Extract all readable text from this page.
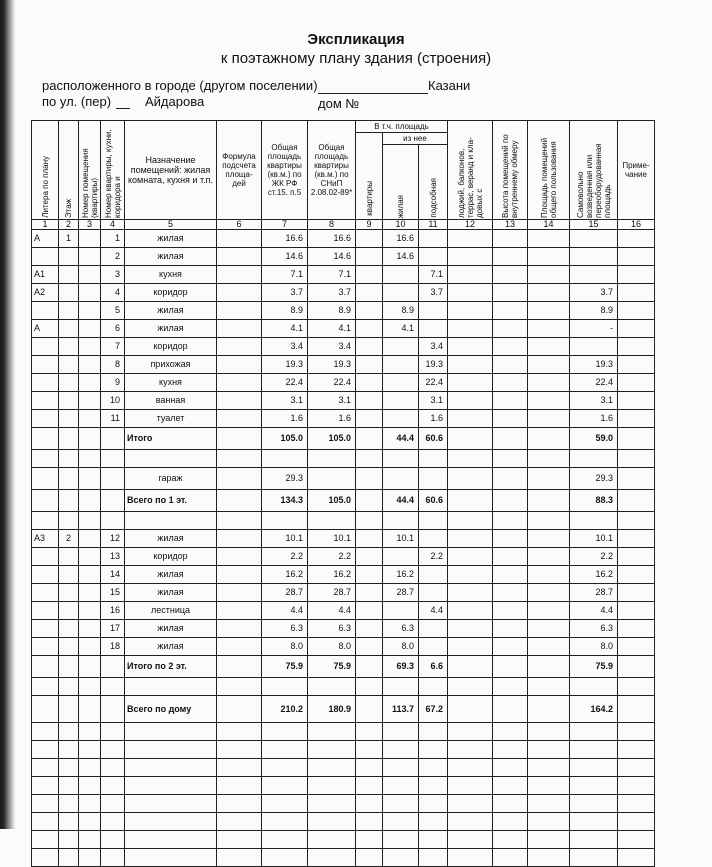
Экспликация
к поэтажному плану здания (строения)
расположенного в городе (другом поселении)	Казани
по ул. (пер)	Айдарова	дом №
Литера по плану	Этаж	Номер помещения (квартиры)	Номер квартиры, кухни, коридора и	Назначение помещений: жилая комната, кухня и т.п.	Формула подсчета площа- дей	Общая площадь квартиры (кв.м.) по ЖК РФ ст.15. п.5	Общая площадь квартиры (кв.м.) по СНиП 2.08.02-89*	В т.ч. площадь			лоджий, балконов, террас, веранд и кла-довых с	Высота помещений по внутреннему обмеру	Площадь помещений общего пользования	Самовольно возведенная или переоборудованная площадь	Приме- чание

								квартиры	из нее						

									жилая	подсобная					

1	2	3	4	5	6	7	8	9	10	11	12	13	14	15	16
А	1		1	жилая		16.6	16.6		16.6						
			2	жилая		14.6	14.6		14.6						
А1			3	кухня		7.1	7.1			7.1					
А2			4	коридор		3.7	3.7			3.7				3.7	
			5	жилая		8.9	8.9		8.9					8.9	
А			6	жилая		4.1	4.1		4.1					-	
			7	коридор		3.4	3.4			3.4					
			8	прихожая		19.3	19.3			19.3				19.3	
			9	кухня		22.4	22.4			22.4				22.4	
			10	ванная		3.1	3.1			3.1				3.1	
			11	туалет		1.6	1.6			1.6				1.6	
				Итого		105.0	105.0		44.4	60.6				59.0	

				гараж		29.3								29.3	
				Всего по 1 эт.		134.3	105.0		44.4	60.6				88.3	

А3	2		12	жилая		10.1	10.1		10.1					10.1	
			13	коридор		2.2	2.2			2.2				2.2	
			14	жилая		16.2	16.2		16.2					16.2	
			15	жилая		28.7	28.7		28.7					28.7	
			16	лестница		4.4	4.4			4.4				4.4	
			17	жилая		6.3	6.3		6.3					6.3	
			18	жилая		8.0	8.0		8.0					8.0	
				Итого по 2 эт.		75.9	75.9		69.3	6.6				75.9	

				Всего по дому		210.2	180.9		113.7	67.2				164.2	
